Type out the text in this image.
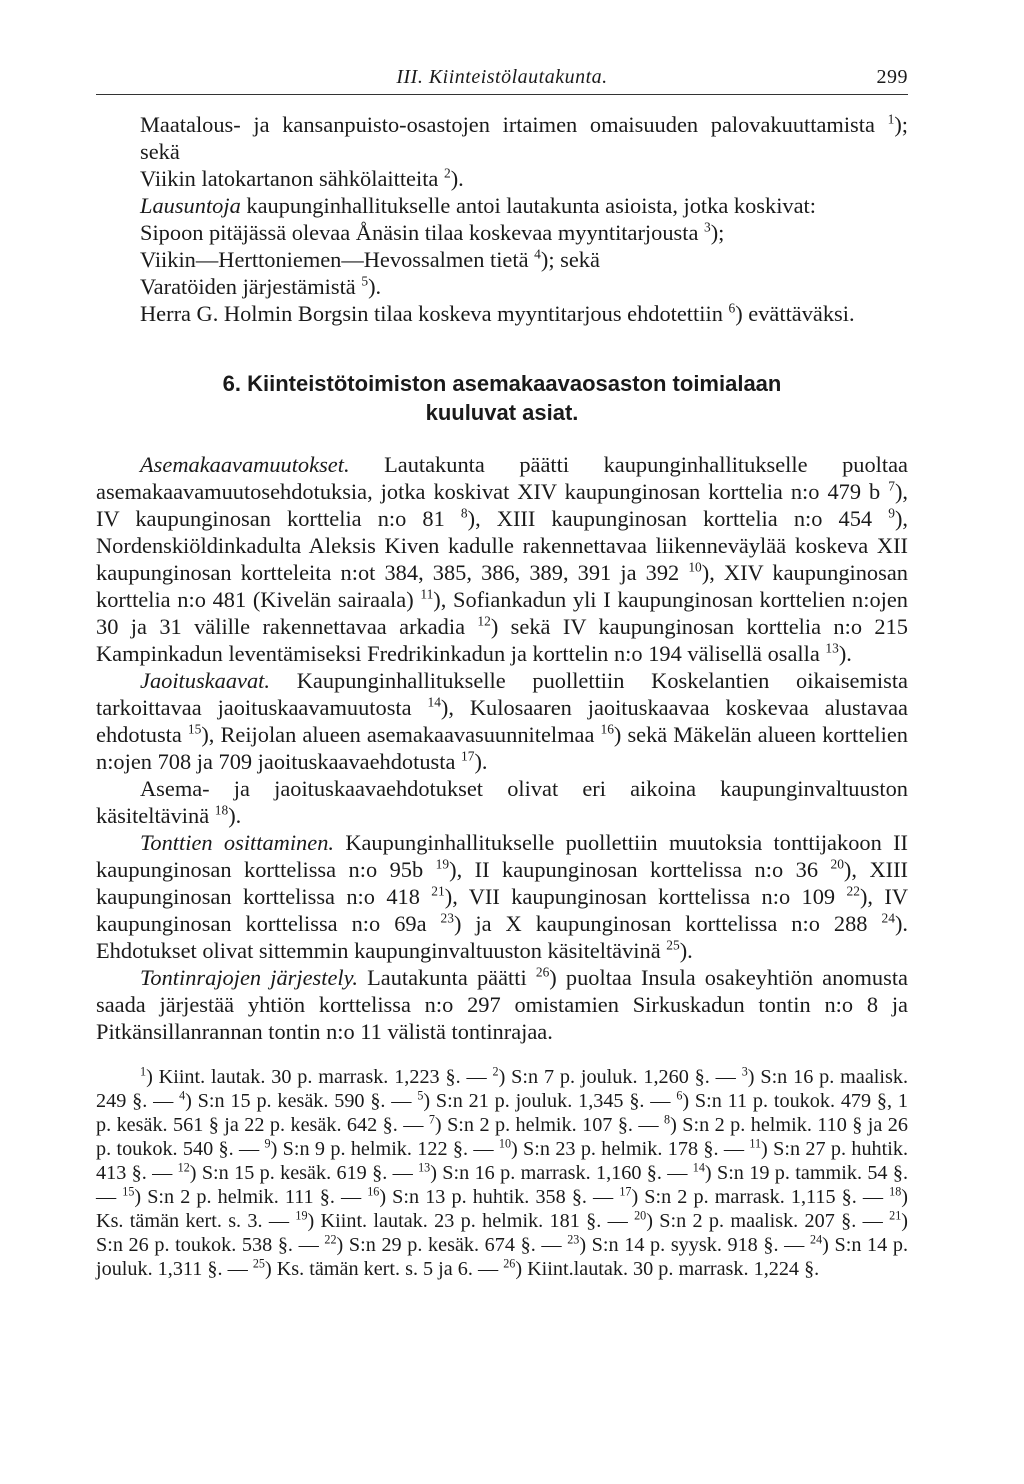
III. Kiinteistölautakunta.	299

Maatalous- ja kansanpuisto-osastojen irtaimen omaisuuden palovakuuttamista $^1$); sekä

Viikin latokartanon sähkölaitteita $^2$).

Lausuntoja kaupunginhallitukselle antoi lautakunta asioista, jotka koskivat:

Sipoon pitäjässä olevaa Ånäsin tilaa koskevaa myyntitarjousta $^3$);

Viikin—Herttoniemen—Hevossalmen tietä $^4$); sekä

Varatöiden järjestämistä $^5$).

Herra G. Holmin Borgsin tilaa koskeva myyntitarjous ehdotettiin $^6$) evättäväksi.

6. Kiinteistötoimiston asemakaavaosaston toimialaan
kuuluvat asiat.

Asemakaavamuutokset. Lautakunta päätti kaupunginhallitukselle puoltaa asemakaavamuutosehdotuksia, jotka koskivat XIV kaupunginosan korttelia n:o 479 b $^7$), IV kaupunginosan korttelia n:o 81 $^8$), XIII kaupunginosan korttelia n:o 454 $^9$), Nordenskiöldinkadulta Aleksis Kiven kadulle rakennettavaa liikenneväylää koskeva XII kaupunginosan kortteleita n:ot 384, 385, 386, 389, 391 ja 392 $^{10}$), XIV kaupunginosan korttelia n:o 481 (Kivelän sairaala) $^{11}$), Sofiankadun yli I kaupunginosan korttelien n:ojen 30 ja 31 välille rakennettavaa arkadia $^{12}$) sekä IV kaupunginosan korttelia n:o 215 Kampinkadun leventämiseksi Fredrikinkadun ja korttelin n:o 194 välisellä osalla $^{13}$).

Jaoituskaavat. Kaupunginhallitukselle puollettiin Koskelantien oikaisemista tarkoittavaa jaoituskaavamuutosta $^{14}$), Kulosaaren jaoituskaavaa koskevaa alustavaa ehdotusta $^{15}$), Reijolan alueen asemakaavasuunnitelmaa $^{16}$) sekä Mäkelän alueen korttelien n:ojen 708 ja 709 jaoituskaavaehdotusta $^{17}$).

Asema- ja jaoituskaavaehdotukset olivat eri aikoina kaupunginvaltuuston käsiteltävinä $^{18}$).

Tonttien osittaminen. Kaupunginhallitukselle puollettiin muutoksia tonttijakoon II kaupunginosan korttelissa n:o 95b $^{19}$), II kaupunginosan korttelissa n:o 36 $^{20}$), XIII kaupunginosan korttelissa n:o 418 $^{21}$), VII kaupunginosan korttelissa n:o 109 $^{22}$), IV kaupunginosan korttelissa n:o 69a $^{23}$) ja X kaupunginosan korttelissa n:o 288 $^{24}$). Ehdotukset olivat sittemmin kaupunginvaltuuston käsiteltävinä $^{25}$).

Tontinrajojen järjestely. Lautakunta päätti $^{26}$) puoltaa Insula osakeyhtiön anomusta saada järjestää yhtiön korttelissa n:o 297 omistamien Sirkuskadun tontin n:o 8 ja Pitkänsillanrannan tontin n:o 11 välistä tontinrajaa.

$^1$) Kiint. lautak. 30 p. marrask. 1,223 §. — $^2$) S:n 7 p. jouluk. 1,260 §. — $^3$) S:n 16 p. maalisk. 249 §. — $^4$) S:n 15 p. kesäk. 590 §. — $^5$) S:n 21 p. jouluk. 1,345 §. — $^6$) S:n 11 p. toukok. 479 §, 1 p. kesäk. 561 § ja 22 p. kesäk. 642 §. — $^7$) S:n 2 p. helmik. 107 §. — $^8$) S:n 2 p. helmik. 110 § ja 26 p. toukok. 540 §. — $^9$) S:n 9 p. helmik. 122 §. — $^{10}$) S:n 23 p. helmik. 178 §. — $^{11}$) S:n 27 p. huhtik. 413 §. — $^{12}$) S:n 15 p. kesäk. 619 §. — $^{13}$) S:n 16 p. marrask. 1,160 §. — $^{14}$) S:n 19 p. tammik. 54 §. — $^{15}$) S:n 2 p. helmik. 111 §. — $^{16}$) S:n 13 p. huhtik. 358 §. — $^{17}$) S:n 2 p. marrask. 1,115 §. — $^{18}$) Ks. tämän kert. s. 3. — $^{19}$) Kiint. lautak. 23 p. helmik. 181 §. — $^{20}$) S:n 2 p. maalisk. 207 §. — $^{21}$) S:n 26 p. toukok. 538 §. — $^{22}$) S:n 29 p. kesäk. 674 §. — $^{23}$) S:n 14 p. syysk. 918 §. — $^{24}$) S:n 14 p. jouluk. 1,311 §. — $^{25}$) Ks. tämän kert. s. 5 ja 6. — $^{26}$) Kiint.lautak. 30 p. marrask. 1,224 §.
